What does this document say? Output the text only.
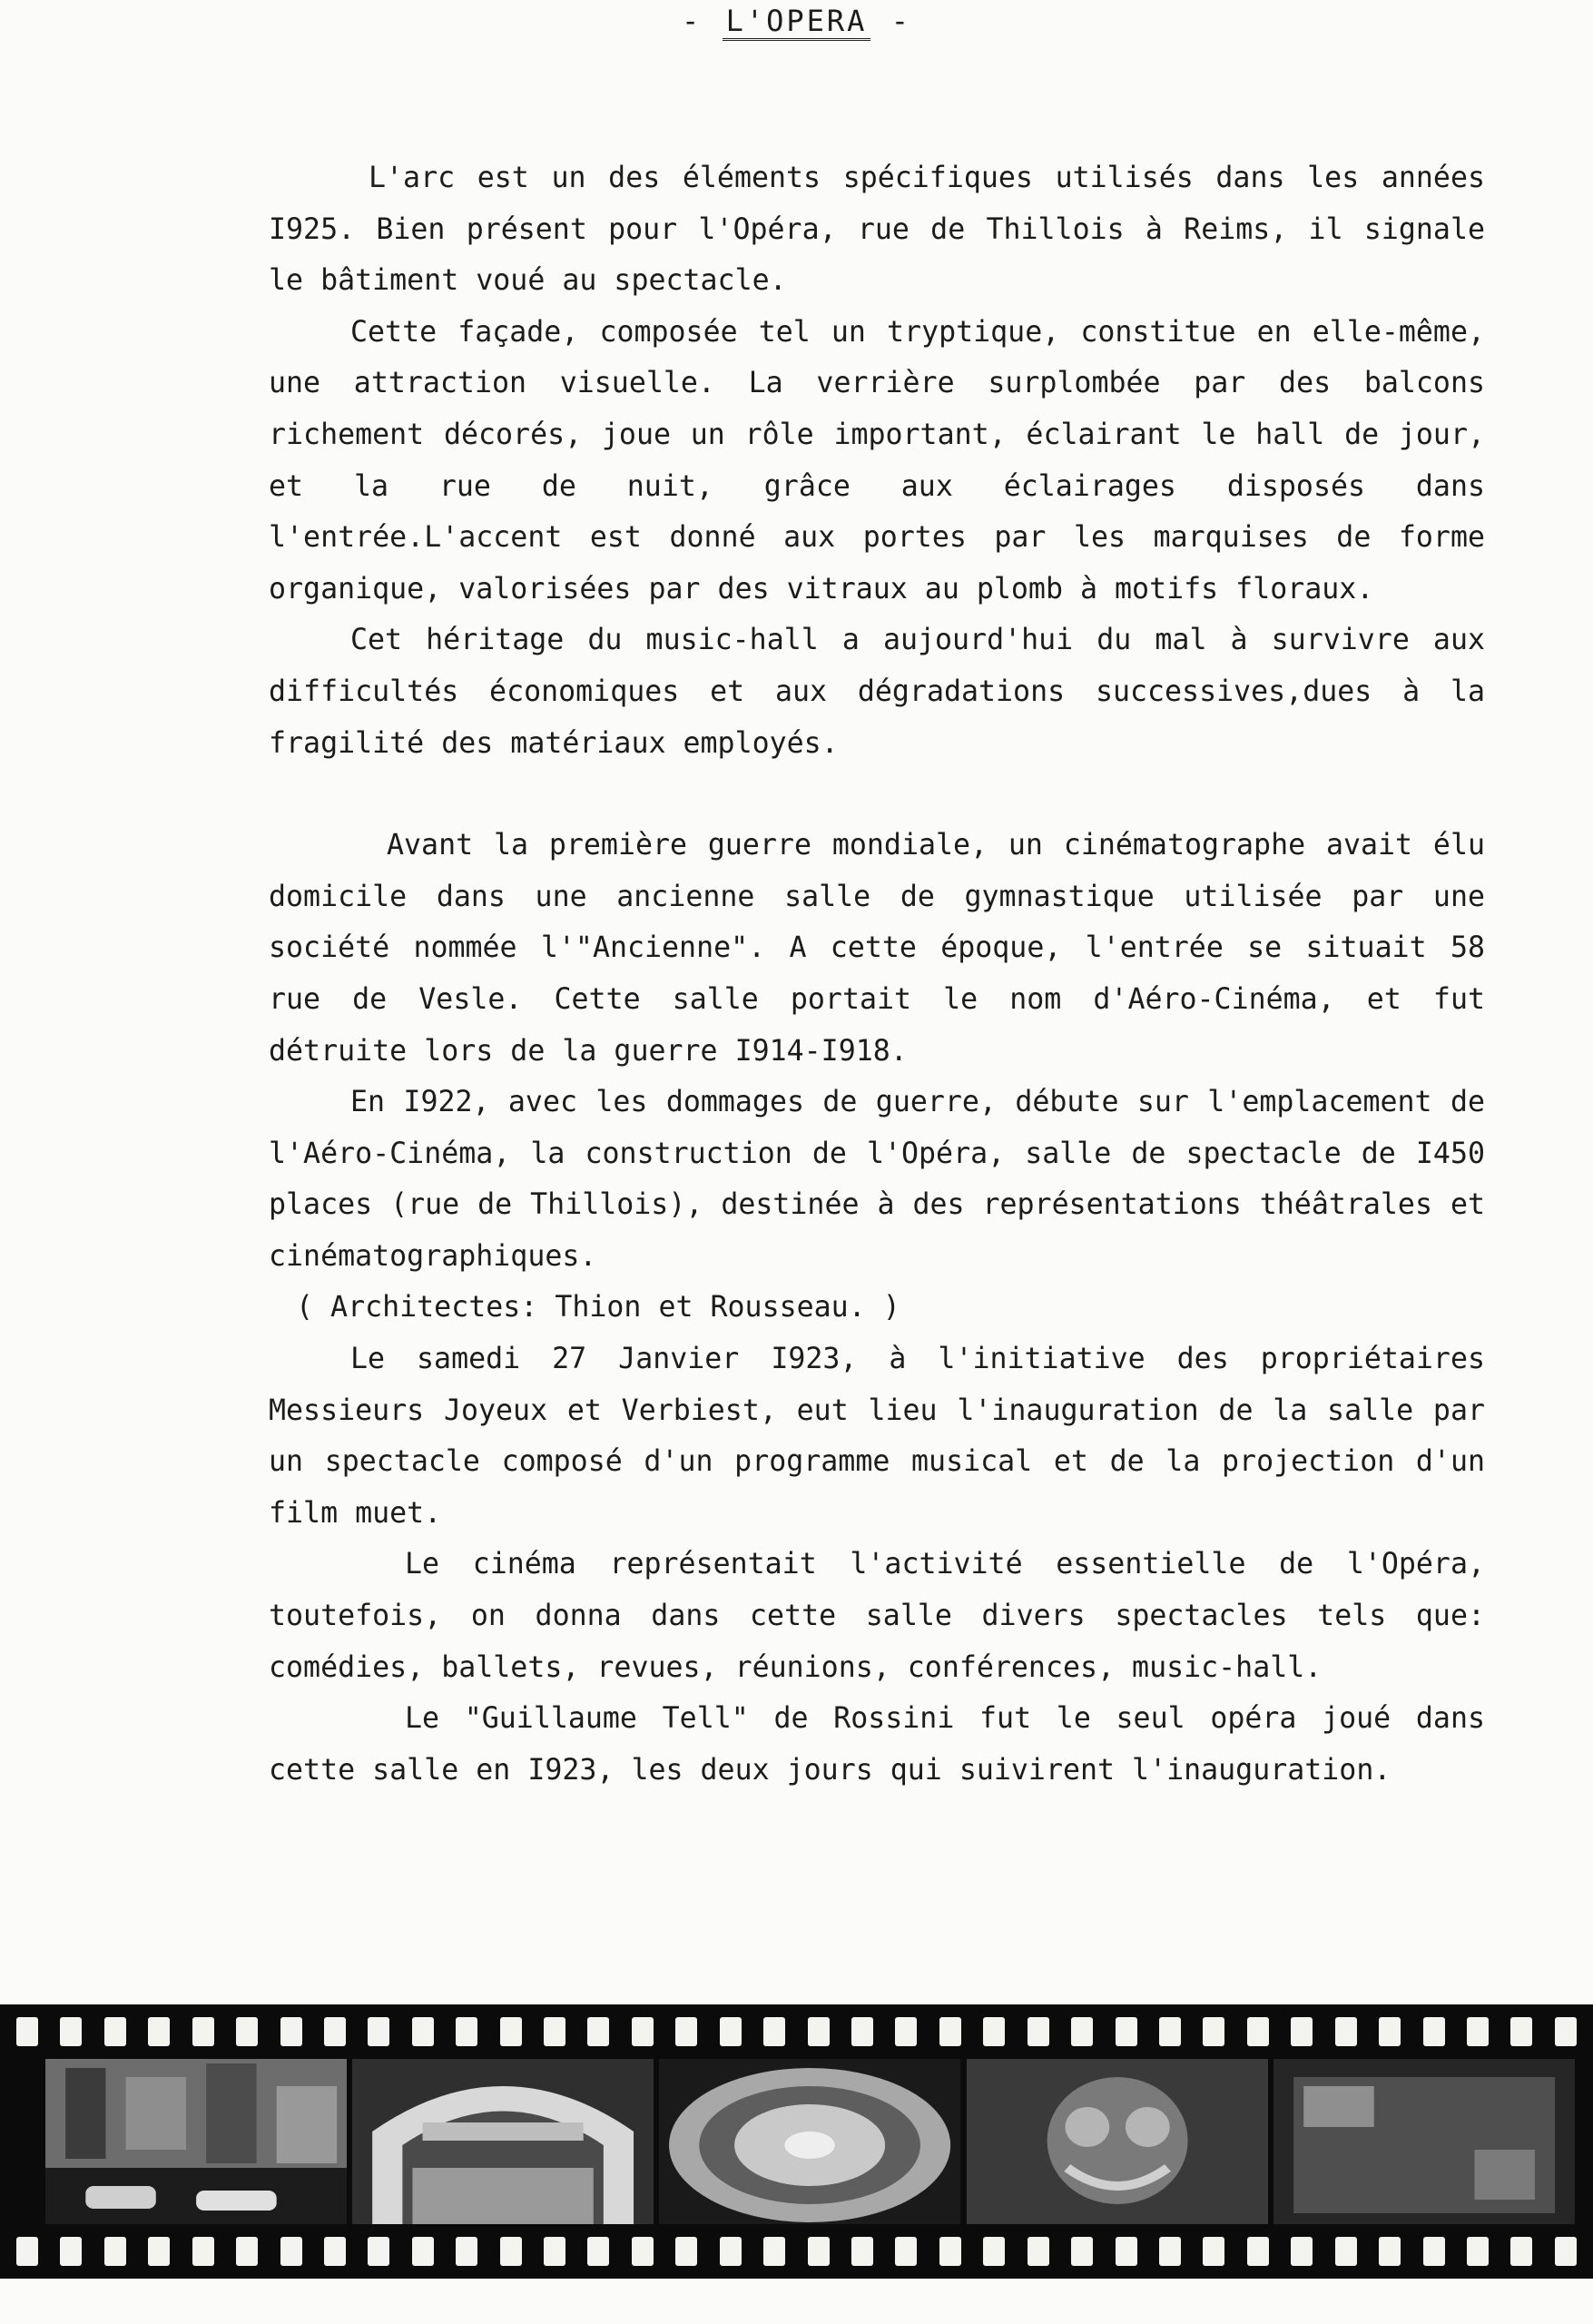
- L'OPERA -

L'arc est un des éléments spécifiques utilisés dans les années I925. Bien présent pour l'Opéra, rue de Thillois à Reims, il signale le bâtiment voué au spectacle.

Cette façade, composée tel un tryptique, constitue en elle-même, une attraction visuelle. La verrière surplombée par des balcons richement décorés, joue un rôle important, éclairant le hall de jour, et la rue de nuit, grâce aux éclairages disposés dans l'entrée.L'accent est donné aux portes par les marquises de forme organique, valorisées par des vitraux au plomb à motifs floraux.

Cet héritage du music-hall a aujourd'hui du mal à survivre aux difficultés économiques et aux dégradations successives,dues à la fragilité des matériaux employés.

Avant la première guerre mondiale, un cinématographe avait élu domicile dans une ancienne salle de gymnastique utilisée par une société nommée l'"Ancienne". A cette époque, l'entrée se situait 58 rue de Vesle. Cette salle portait le nom d'Aéro-Cinéma, et fut détruite lors de la guerre I914-I918.

En I922, avec les dommages de guerre, débute sur l'emplacement de l'Aéro-Cinéma, la construction de l'Opéra, salle de spectacle de I450 places (rue de Thillois), destinée à des représentations théâtrales et cinématographiques.

( Architectes: Thion et Rousseau. )

Le samedi 27 Janvier I923, à l'initiative des propriétaires Messieurs Joyeux et Verbiest, eut lieu l'inauguration de la salle par un spectacle composé d'un programme musical et de la projection d'un film muet.

Le cinéma représentait l'activité essentielle de l'Opéra, toutefois, on donna dans cette salle divers spectacles tels que: comédies, ballets, revues, réunions, conférences, music-hall.

Le "Guillaume Tell" de Rossini fut le seul opéra joué dans cette salle en I923, les deux jours qui suivirent l'inauguration.
